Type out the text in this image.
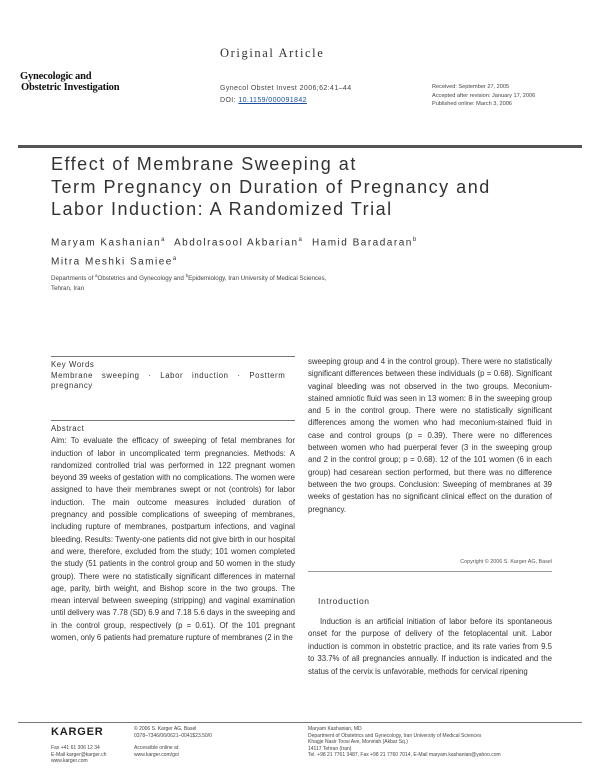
Original Article
Gynecologic and
Obstetric Investigation	Gynecol Obstet Invest 2006;62:41–44
DOI: 10.1159/000091842
Received: September 27, 2005
Accepted after revision: January 17, 2006
Published online: March 3, 2006
Effect of Membrane Sweeping at
Term Pregnancy on Duration of Pregnancy and
Labor Induction: A Randomized Trial
Maryam Kashanian$^a$ Abdolrasool Akbarian$^a$ Hamid Baradaran$^b$
Mitra Meshki Samiee$^a$
Departments of $^a$Obstetrics and Gynecology and $^b$Epidemiology, Iran University of Medical Sciences,
Tehran, Iran
Key Words
Membrane sweeping · Labor induction · Postterm
pregnancy
Abstract
Aim: To evaluate the efficacy of sweeping of fetal membranes for induction of labor in uncomplicated term pregnancies. Methods: A randomized controlled trial was performed in 122 pregnant women beyond 39 weeks of gestation with no complications. The women were assigned to have their membranes swept or not (controls) for labor induction. The main outcome measures included duration of pregnancy and possible complications of sweeping of membranes, including rupture of membranes, postpartum infections, and vaginal bleeding. Results: Twenty-one patients did not give birth in our hospital and were, therefore, excluded from the study; 101 women completed the study (51 patients in the control group and 50 women in the study group). There were no statistically significant differences in maternal age, parity, birth weight, and Bishop score in the two groups. The mean interval between sweeping (stripping) and vaginal examination until delivery was 7.78 (SD) 6.9 and 7.18 5.6 days in the sweeping and in the control group, respectively (p = 0.61). Of the 101 pregnant women, only 6 patients had premature rupture of membranes (2 in the
sweeping group and 4 in the control group). There were no statistically significant differences between these individuals (p = 0.68). Significant vaginal bleeding was not observed in the two groups. Meconium-stained amniotic fluid was seen in 13 women: 8 in the sweeping group and 5 in the control group. There were no statistically significant differences among the women who had meconium-stained fluid in case and control groups (p = 0.39). There were no differences between women who had puerperal fever (3 in the sweeping group and 2 in the control group; p = 0.68). 12 of the 101 women (6 in each group) had cesarean section performed, but there was no difference between the two groups. Conclusion: Sweeping of membranes at 39 weeks of gestation has no significant clinical effect on the duration of pregnancy.
Copyright © 2006 S. Karger AG, Basel
Introduction
Induction is an artificial initiation of labor before its spontaneous onset for the purpose of delivery of the fetoplacental unit. Labor induction is common in obstetric practice, and its rate varies from 9.5 to 33.7% of all pregnancies annually. If induction is indicated and the status of the cervix is unfavorable, methods for cervical ripening
KARGER
Fax +41 61 306 12 34
E-Mail karger@karger.ch
www.karger.com
© 2006 S. Karger AG, Basel
0378–7346/06/0621–0041$23.50/0
Accessible online at:
www.karger.com/goi
Maryam Kashanian, MD
Department of Obstetrics and Gynecology, Iran University of Medical Sciences
Khagje Nasir Toosi Ave, Moniriah (Akbar Sq.)
14117 Tehran (Iran)
Tel. +98 21 7761 3487, Fax +98 21 7760 7014, E-Mail maryam.kashanian@yahoo.com
